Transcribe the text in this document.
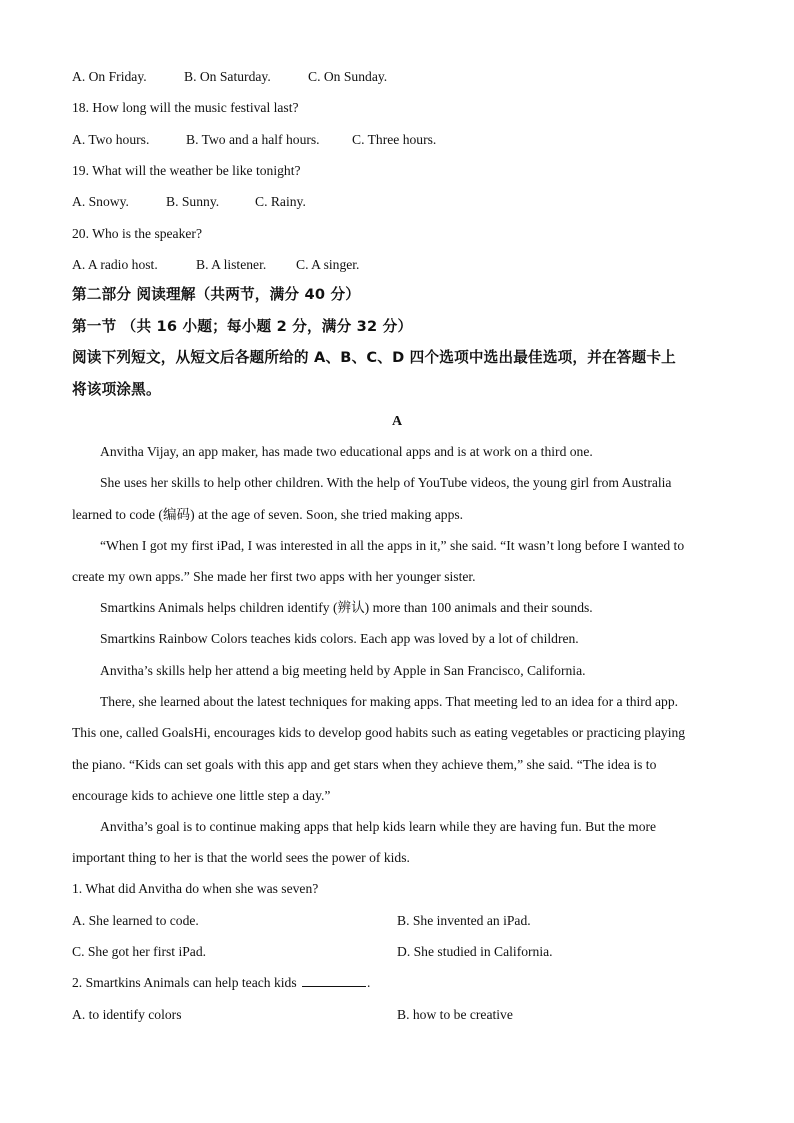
A. On Friday.	B. On Saturday.	C. On Sunday.
18. How long will the music festival last?
A. Two hours.	B. Two and a half hours. C. Three hours.
19. What will the weather be like tonight?
A. Snowy.	B. Sunny.	C. Rainy.
20. Who is the speaker?
A. A radio host.	B. A listener. C. A singer.
第二部分 阅读理解（共两节，满分 40 分）
第一节 （共 16 小题；每小题 2 分，满分 32 分）
阅读下列短文，从短文后各题所给的 A、B、C、D 四个选项中选出最佳选项，并在答题卡上
将该项涂黑。
A
Anvitha Vijay, an app maker, has made two educational apps and is at work on a third one.
She uses her skills to help other children. With the help of YouTube videos, the young girl from Australia
learned to code (编码) at the age of seven. Soon, she tried making apps.
“When I got my first iPad, I was interested in all the apps in it,” she said. “It wasn’t long before I wanted to
create my own apps.” She made her first two apps with her younger sister.
Smartkins Animals helps children identify (辨认) more than 100 animals and their sounds.
Smartkins Rainbow Colors teaches kids colors. Each app was loved by a lot of children.
Anvitha’s skills help her attend a big meeting held by Apple in San Francisco, California.
There, she learned about the latest techniques for making apps. That meeting led to an idea for a third app.
This one, called GoalsHi, encourages kids to develop good habits such as eating vegetables or practicing playing
the piano. “Kids can set goals with this app and get stars when they achieve them,” she said. “The idea is to
encourage kids to achieve one little step a day.”
Anvitha’s goal is to continue making apps that help kids learn while they are having fun. But the more
important thing to her is that the world sees the power of kids.
1. What did Anvitha do when she was seven?
A. She learned to code.	B. She invented an iPad.
C. She got her first iPad.	D. She studied in California.
2. Smartkins Animals can help teach kids	.
A. to identify colors	B. how to be creative
